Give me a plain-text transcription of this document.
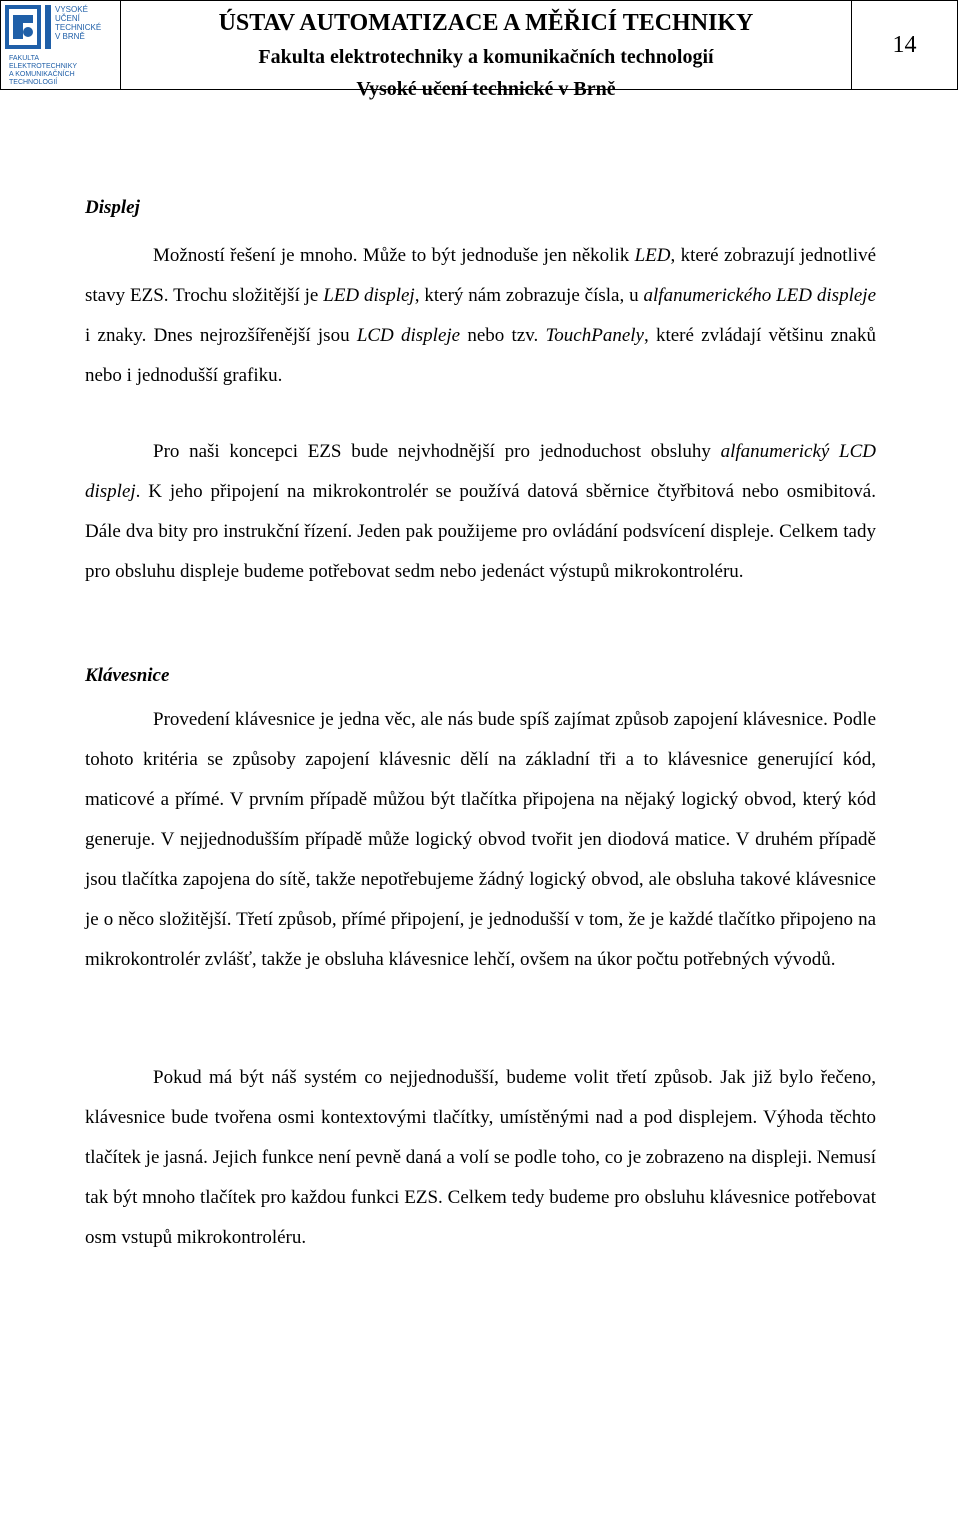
VYSOKÉ
UČENÍ
TECHNICKÉ
V BRNĚ
FAKULTA
ELEKTROTECHNIKY
A KOMUNIKAČNÍCH
TECHNOLOGIÍ
ÚSTAV AUTOMATIZACE A MĚŘICÍ TECHNIKY
Fakulta elektrotechniky a komunikačních technologií
Vysoké učení technické v Brně
14
Displej

Možností řešení je mnoho. Může to být jednoduše jen několik LED, které zobrazují jednotlivé stavy EZS. Trochu složitější je LED displej, který nám zobrazuje čísla, u alfanumerického LED displeje i znaky. Dnes nejrozšířenější jsou LCD displeje nebo tzv. TouchPanely, které zvládají většinu znaků nebo i jednodušší grafiku.

Pro naši koncepci EZS bude nejvhodnější pro jednoduchost obsluhy alfanumerický LCD displej. K jeho připojení na mikrokontrolér se používá datová sběrnice čtyřbitová nebo osmibitová. Dále dva bity pro instrukční řízení. Jeden pak použijeme pro ovládání podsvícení displeje. Celkem tady pro obsluhu displeje budeme potřebovat sedm nebo jedenáct výstupů mikrokontroléru.

Klávesnice

Provedení klávesnice je jedna věc, ale nás bude spíš zajímat způsob zapojení klávesnice. Podle tohoto kritéria se způsoby zapojení klávesnic dělí na základní tři a to klávesnice generující kód, maticové a přímé. V prvním případě můžou být tlačítka připojena na nějaký logický obvod, který kód generuje. V nejjednodušším případě může logický obvod tvořit jen diodová matice. V druhém případě jsou tlačítka zapojena do sítě, takže nepotřebujeme žádný logický obvod, ale obsluha takové klávesnice je o něco složitější. Třetí způsob, přímé připojení, je jednodušší v tom, že je každé tlačítko připojeno na mikrokontrolér zvlášť, takže je obsluha klávesnice lehčí, ovšem na úkor počtu potřebných vývodů.

Pokud má být náš systém co nejjednodušší, budeme volit třetí způsob. Jak již bylo řečeno, klávesnice bude tvořena osmi kontextovými tlačítky, umístěnými nad a pod displejem. Výhoda těchto tlačítek je jasná. Jejich funkce není pevně daná a volí se podle toho, co je zobrazeno na displeji. Nemusí tak být mnoho tlačítek pro každou funkci EZS. Celkem tedy budeme pro obsluhu klávesnice potřebovat osm vstupů mikrokontroléru.
